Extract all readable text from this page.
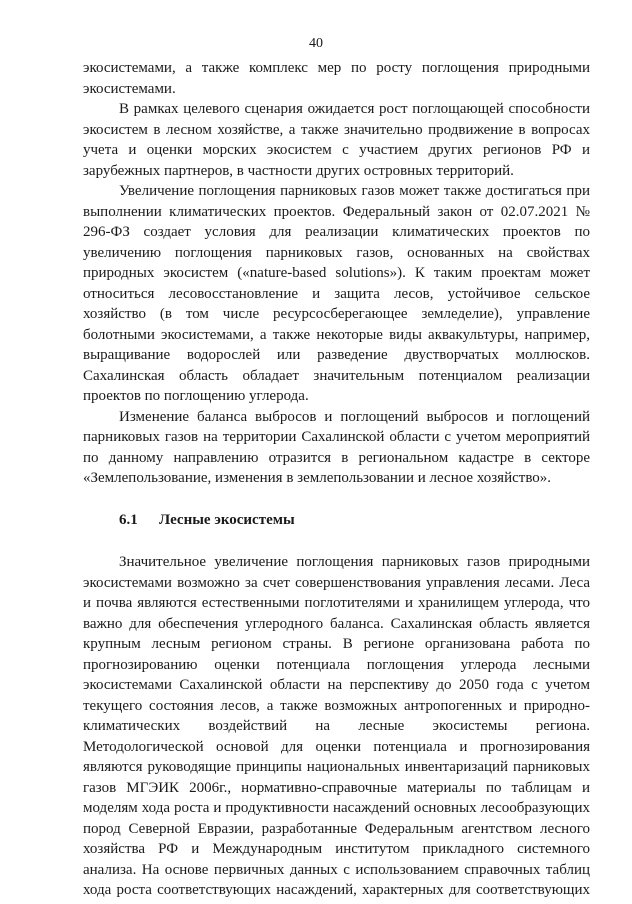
40

экосистемами, а также комплекс мер по росту поглощения природными экосистемами.

В рамках целевого сценария ожидается рост поглощающей способности экосистем в лесном хозяйстве, а также значительно продвижение в вопросах учета и оценки морских экосистем с участием других регионов РФ и зарубежных партнеров, в частности других островных территорий.

Увеличение поглощения парниковых газов может также достигаться при выполнении климатических проектов. Федеральный закон от 02.07.2021 № 296-ФЗ создает условия для реализации климатических проектов по увеличению поглощения парниковых газов, основанных на свойствах природных экосистем («nature-based solutions»). К таким проектам может относиться лесовосстановление и защита лесов, устойчивое сельское хозяйство (в том числе ресурсосберегающее земледелие), управление болотными экосистемами, а также некоторые виды аквакультуры, например, выращивание водорослей или разведение двустворчатых моллюсков. Сахалинская область обладает значительным потенциалом реализации проектов по поглощению углерода.

Изменение баланса выбросов и поглощений выбросов и поглощений парниковых газов на территории Сахалинской области с учетом мероприятий по данному направлению отразится в региональном кадастре в секторе «Землепользование, изменения в землепользовании и лесное хозяйство».

6.1 Лесные экосистемы

Значительное увеличение поглощения парниковых газов природными экосистемами возможно за счет совершенствования управления лесами. Леса и почва являются естественными поглотителями и хранилищем углерода, что важно для обеспечения углеродного баланса. Сахалинская область является крупным лесным регионом страны. В регионе организована работа по прогнозированию оценки потенциала поглощения углерода лесными экосистемами Сахалинской области на перспективу до 2050 года с учетом текущего состояния лесов, а также возможных антропогенных и природно-климатических воздействий на лесные экосистемы региона. Методологической основой для оценки потенциала и прогнозирования являются руководящие принципы национальных инвентаризаций парниковых газов МГЭИК 2006г., нормативно-справочные материалы по таблицам и моделям хода роста и продуктивности насаждений основных лесообразующих пород Северной Евразии, разработанные Федеральным агентством лесного хозяйства РФ и Международным институтом прикладного системного анализа. На основе первичных данных с использованием справочных таблиц хода роста соответствующих насаждений, характерных для соответствующих
